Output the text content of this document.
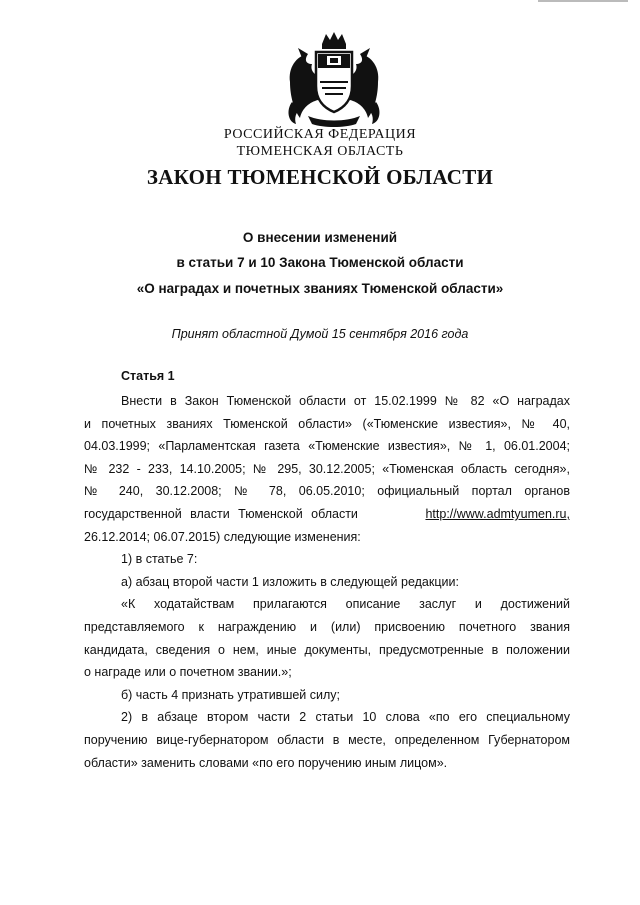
РОССИЙСКАЯ ФЕДЕРАЦИЯ
ТЮМЕНСКАЯ ОБЛАСТЬ
ЗАКОН ТЮМЕНСКОЙ ОБЛАСТИ
О внесении изменений
в статьи 7 и 10 Закона Тюменской области
«О наградах и почетных званиях Тюменской области»
Принят областной Думой 15 сентября 2016 года
Статья 1

Внести в Закон Тюменской области от 15.02.1999 № 82 «О наградах

и почетных званиях Тюменской области» («Тюменские известия», № 40,

04.03.1999; «Парламентская газета «Тюменские известия», № 1, 06.01.2004;

№ 232 - 233, 14.10.2005; № 295, 30.12.2005; «Тюменская область сегодня»,

№ 240, 30.12.2008; № 78, 06.05.2010; официальный портал органов

государственной власти Тюменской области	http://www.admtyumen.ru,

26.12.2014; 06.07.2015) следующие изменения:

1) в статье 7:

а) абзац второй части 1 изложить в следующей редакции:

«К ходатайствам прилагаются описание заслуг и достижений

представляемого к награждению и (или) присвоению почетного звания

кандидата, сведения о нем, иные документы, предусмотренные в положении

о награде или о почетном звании.»;

б) часть 4 признать утратившей силу;

2) в абзаце втором части 2 статьи 10 слова «по его специальному

поручению вице-губернатором области в месте, определенном Губернатором

области» заменить словами «по его поручению иным лицом».
